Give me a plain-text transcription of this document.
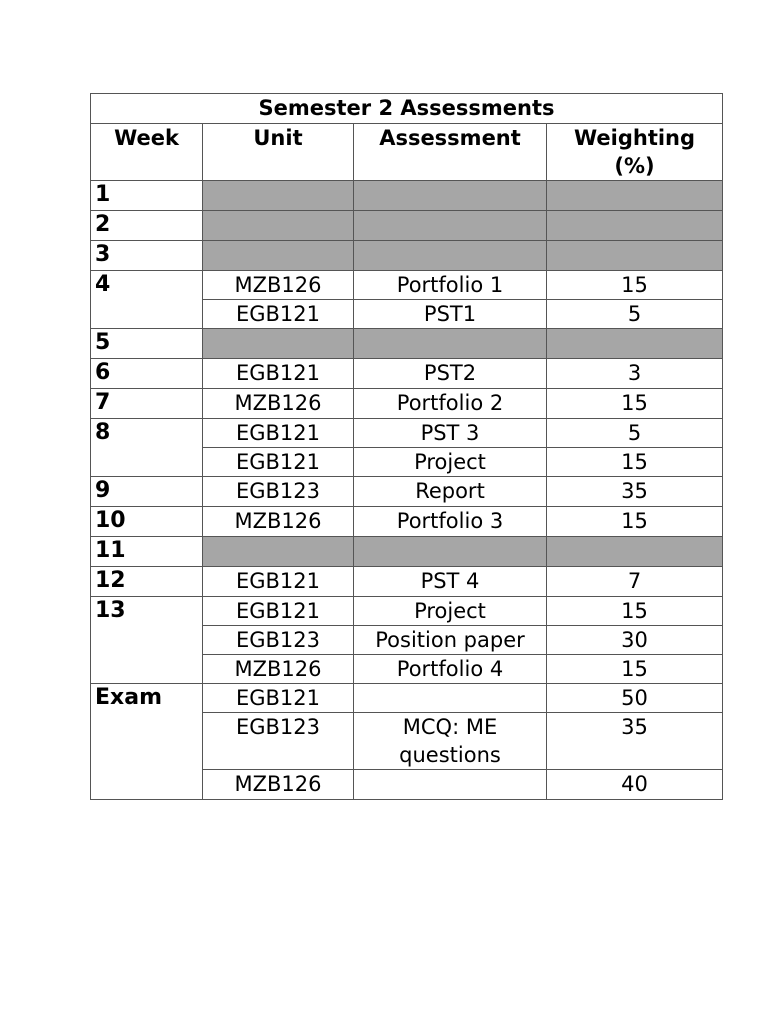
Semester 2 Assessments			
Week	Unit	Assessment	Weighting (%)
1			
2			
3			
4	MZB126	Portfolio 1	15
	EGB121	PST1	5
5			
6	EGB121	PST2	3
7	MZB126	Portfolio 2	15
8	EGB121	PST 3	5
	EGB121	Project	15
9	EGB123	Report	35
10	MZB126	Portfolio 3	15
11			
12	EGB121	PST 4	7
13	EGB121	Project	15
	EGB123	Position paper	30
	MZB126	Portfolio 4	15
Exam	EGB121		50
	EGB123	MCQ: ME questions	35
	MZB126		40
